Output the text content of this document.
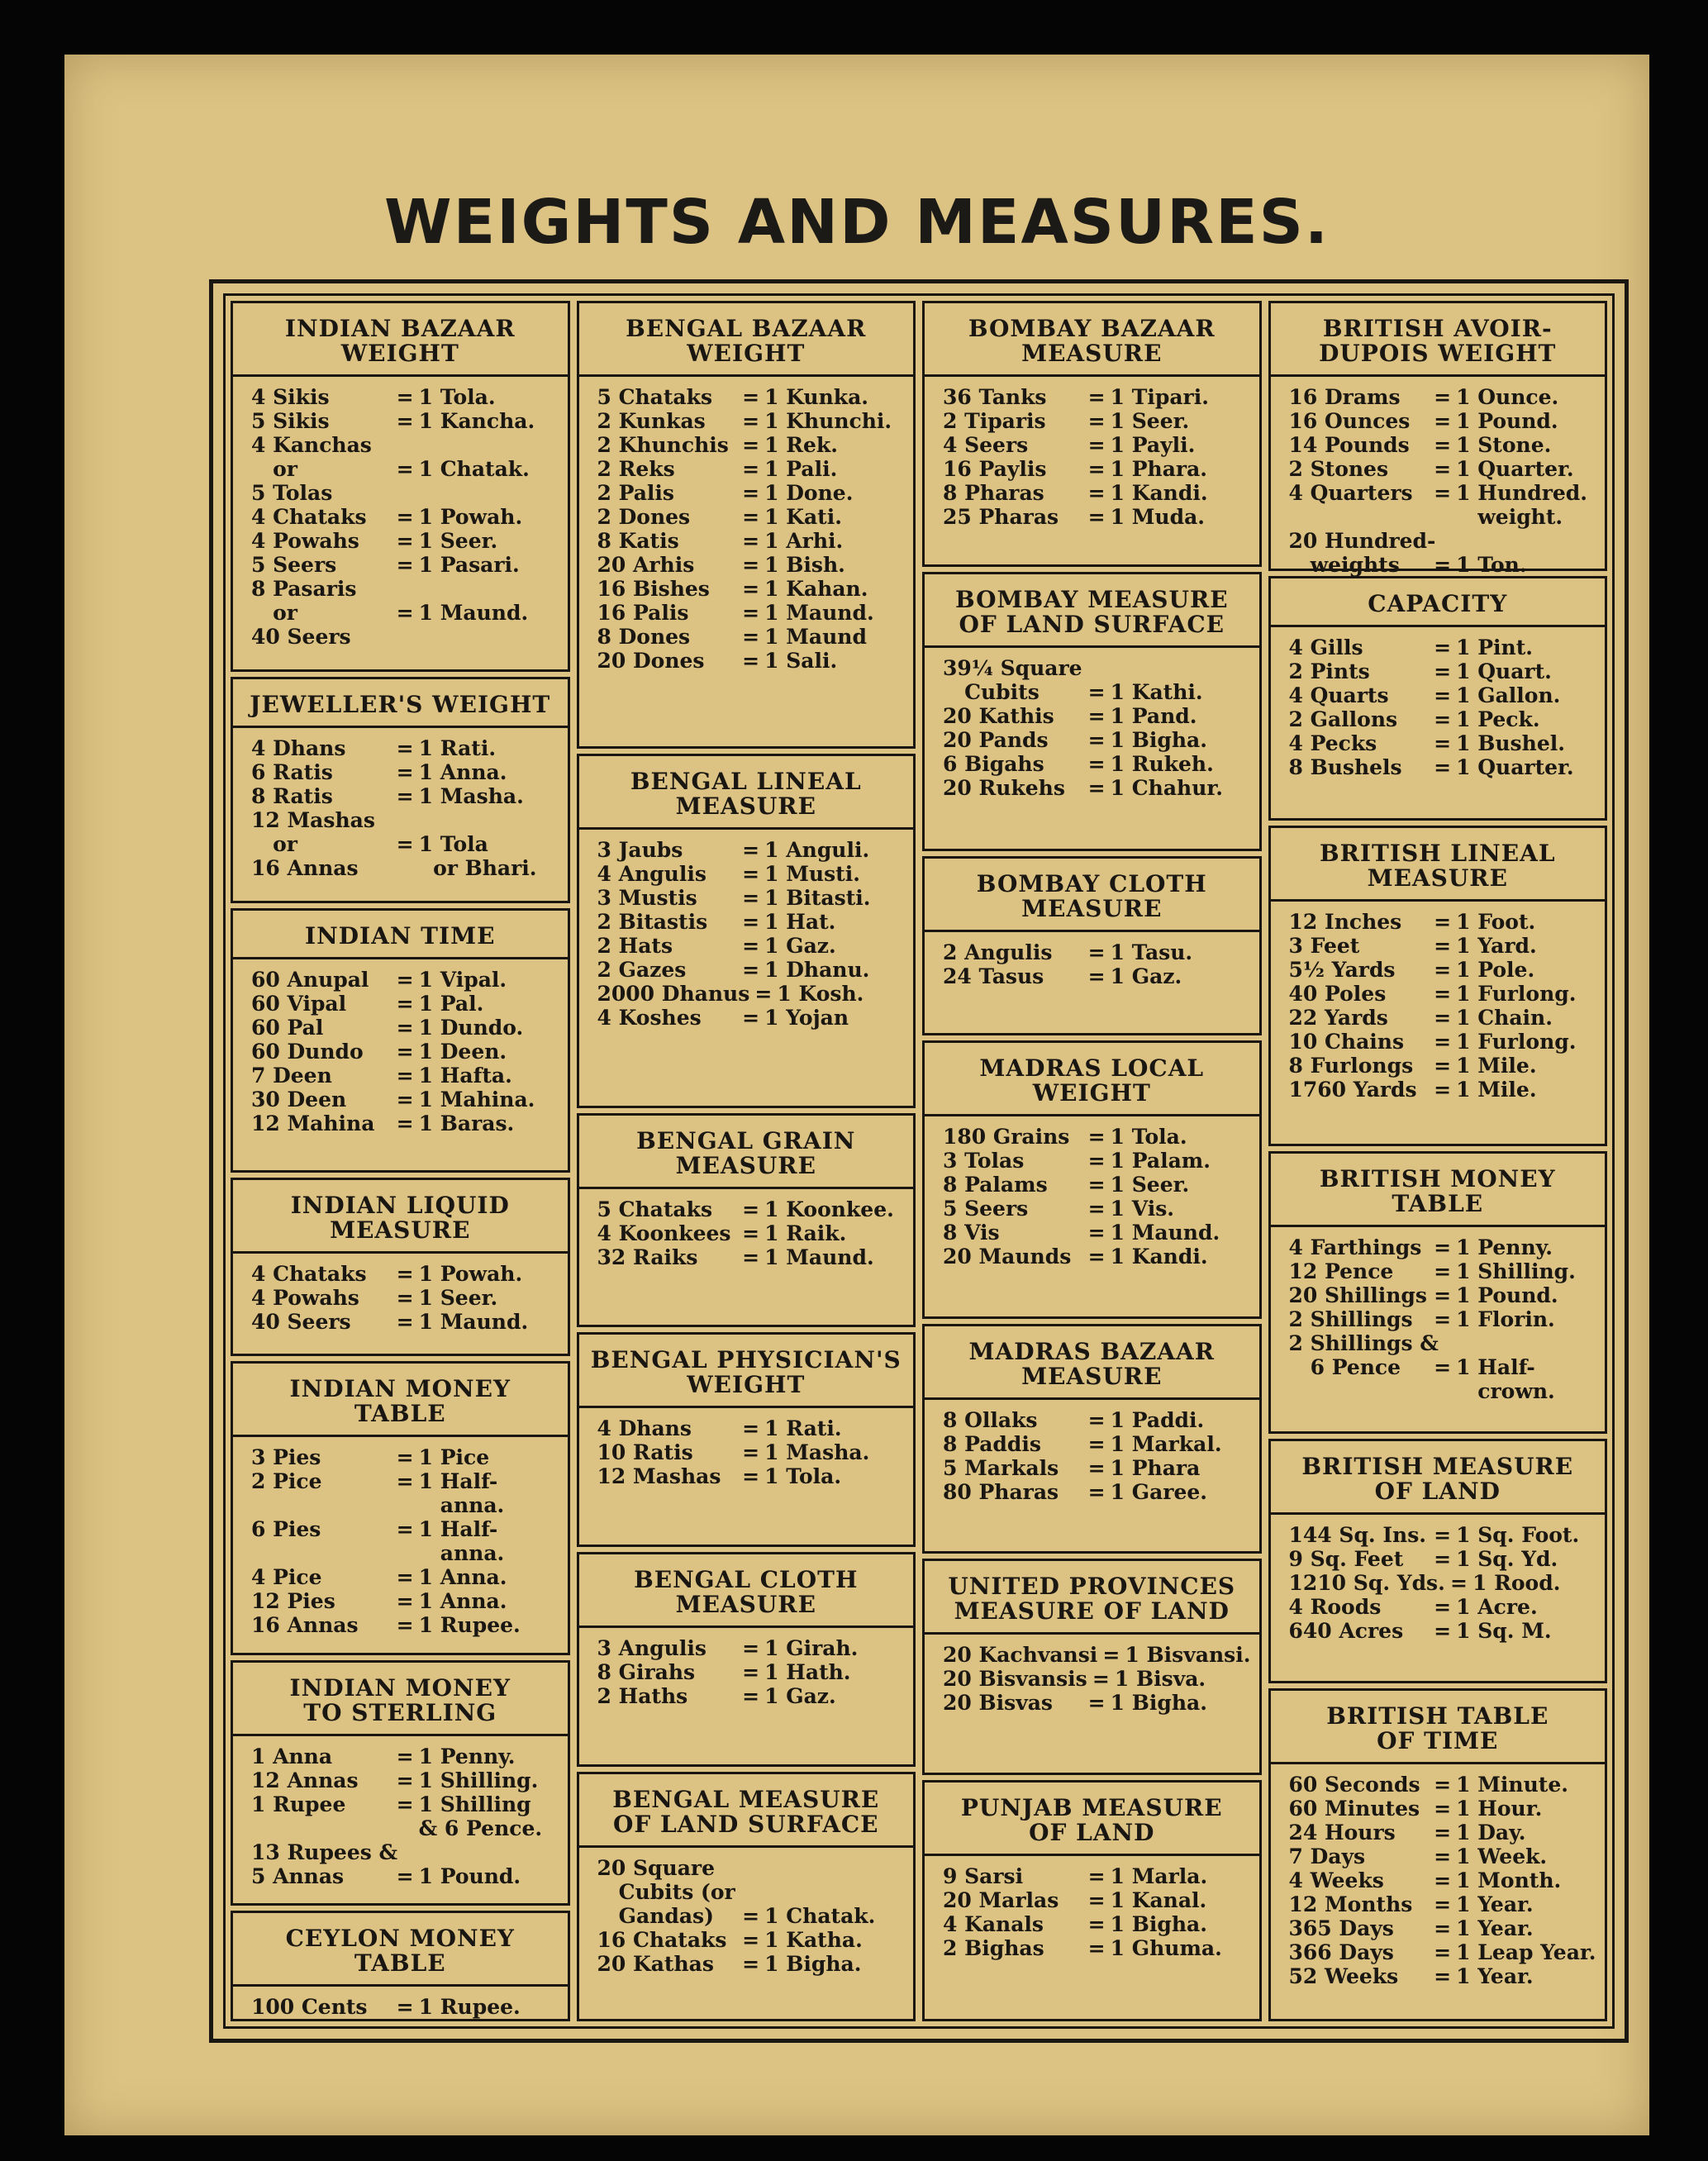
WEIGHTS AND MEASURES.
INDIAN BAZAAR
WEIGHT
4 Sikis	= 1 Tola.
5 Sikis	= 1 Kancha.
4 Kanchas
or	= 1 Chatak.
5 Tolas
4 Chataks	= 1 Powah.
4 Powahs	= 1 Seer.
5 Seers	= 1 Pasari.
8 Pasaris
or	= 1 Maund.
40 Seers
JEWELLER'S WEIGHT
4 Dhans	= 1 Rati.
6 Ratis	= 1 Anna.
8 Ratis	= 1 Masha.
12 Mashas
or	= 1 Tola
16 Annas	or Bhari.
INDIAN TIME
60 Anupal	= 1 Vipal.
60 Vipal	= 1 Pal.
60 Pal	= 1 Dundo.
60 Dundo	= 1 Deen.
7 Deen	= 1 Hafta.
30 Deen	= 1 Mahina.
12 Mahina	= 1 Baras.
INDIAN LIQUID
MEASURE
4 Chataks	= 1 Powah.
4 Powahs	= 1 Seer.
40 Seers	= 1 Maund.
INDIAN MONEY
TABLE
3 Pies	= 1 Pice
2 Pice	= 1 Half-
anna.
6 Pies	= 1 Half-
anna.
4 Pice	= 1 Anna.
12 Pies	= 1 Anna.
16 Annas	= 1 Rupee.
INDIAN MONEY
TO STERLING
1 Anna	= 1 Penny.
12 Annas	= 1 Shilling.
1 Rupee	= 1 Shilling
& 6 Pence.
13 Rupees &
5 Annas	= 1 Pound.
CEYLON MONEY
TABLE
100 Cents	= 1 Rupee.
BENGAL BAZAAR
WEIGHT
5 Chataks	= 1 Kunka.
2 Kunkas	= 1 Khunchi.
2 Khunchis = 1 Rek.
2 Reks	= 1 Pali.
2 Palis	= 1 Done.
2 Dones	= 1 Kati.
8 Katis	= 1 Arhi.
20 Arhis	= 1 Bish.
16 Bishes	= 1 Kahan.
16 Palis	= 1 Maund.
8 Dones	= 1 Maund
20 Dones	= 1 Sali.
BENGAL LINEAL
MEASURE
3 Jaubs	= 1 Anguli.
4 Angulis	= 1 Musti.
3 Mustis	= 1 Bitasti.
2 Bitastis	= 1 Hat.
2 Hats	= 1 Gaz.
2 Gazes	= 1 Dhanu.
2000 Dhanus = 1 Kosh.
4 Koshes	= 1 Yojan
BENGAL GRAIN
MEASURE
5 Chataks	= 1 Koonkee.
4 Koonkees = 1 Raik.
32 Raiks	= 1 Maund.
BENGAL PHYSICIAN'S
WEIGHT
4 Dhans	= 1 Rati.
10 Ratis	= 1 Masha.
12 Mashas	= 1 Tola.
BENGAL CLOTH
MEASURE
3 Angulis	= 1 Girah.
8 Girahs	= 1 Hath.
2 Haths	= 1 Gaz.
BENGAL MEASURE
OF LAND SURFACE
20 Square
Cubits (or
Gandas)	= 1 Chatak.
16 Chataks = 1 Katha.
20 Kathas	= 1 Bigha.
BOMBAY BAZAAR
MEASURE
36 Tanks	= 1 Tipari.
2 Tiparis	= 1 Seer.
4 Seers	= 1 Payli.
16 Paylis	= 1 Phara.
8 Pharas	= 1 Kandi.
25 Pharas	= 1 Muda.
BOMBAY MEASURE
OF LAND SURFACE
39¼ Square
Cubits	= 1 Kathi.
20 Kathis	= 1 Pand.
20 Pands	= 1 Bigha.
6 Bigahs	= 1 Rukeh.
20 Rukehs	= 1 Chahur.
BOMBAY CLOTH
MEASURE
2 Angulis	= 1 Tasu.
24 Tasus	= 1 Gaz.
MADRAS LOCAL
WEIGHT
180 Grains = 1 Tola.
3 Tolas	= 1 Palam.
8 Palams	= 1 Seer.
5 Seers	= 1 Vis.
8 Vis	= 1 Maund.
20 Maunds = 1 Kandi.
MADRAS BAZAAR
MEASURE
8 Ollaks	= 1 Paddi.
8 Paddis	= 1 Markal.
5 Markals	= 1 Phara
80 Pharas	= 1 Garee.
UNITED PROVINCES
MEASURE OF LAND
20 Kachvansi = 1 Bisvansi.
20 Bisvansis = 1 Bisva.
20 Bisvas	= 1 Bigha.
PUNJAB MEASURE
OF LAND
9 Sarsi	= 1 Marla.
20 Marlas	= 1 Kanal.
4 Kanals	= 1 Bigha.
2 Bighas	= 1 Ghuma.
BRITISH AVOIR-
DUPOIS WEIGHT
16 Drams	= 1 Ounce.
16 Ounces	= 1 Pound.
14 Pounds	= 1 Stone.
2 Stones	= 1 Quarter.
4 Quarters	= 1 Hundred.
weight.
20 Hundred-
weights	= 1 Ton.
CAPACITY
4 Gills	= 1 Pint.
2 Pints	= 1 Quart.
4 Quarts	= 1 Gallon.
2 Gallons	= 1 Peck.
4 Pecks	= 1 Bushel.
8 Bushels	= 1 Quarter.
BRITISH LINEAL
MEASURE
12 Inches	= 1 Foot.
3 Feet	= 1 Yard.
5½ Yards	= 1 Pole.
40 Poles	= 1 Furlong.
22 Yards	= 1 Chain.
10 Chains	= 1 Furlong.
8 Furlongs = 1 Mile.
1760 Yards = 1 Mile.
BRITISH MONEY
TABLE
4 Farthings = 1 Penny.
12 Pence	= 1 Shilling.
20 Shillings = 1 Pound.
2 Shillings	= 1 Florin.
2 Shillings &
6 Pence	= 1 Half-
crown.
BRITISH MEASURE
OF LAND
144 Sq. Ins. = 1 Sq. Foot.
9 Sq. Feet	= 1 Sq. Yd.
1210 Sq. Yds. = 1 Rood.
4 Roods	= 1 Acre.
640 Acres	= 1 Sq. M.
BRITISH TABLE
OF TIME
60 Seconds = 1 Minute.
60 Minutes = 1 Hour.
24 Hours	= 1 Day.
7 Days	= 1 Week.
4 Weeks	= 1 Month.
12 Months	= 1 Year.
365 Days	= 1 Year.
366 Days	= 1 Leap Year.
52 Weeks	= 1 Year.
